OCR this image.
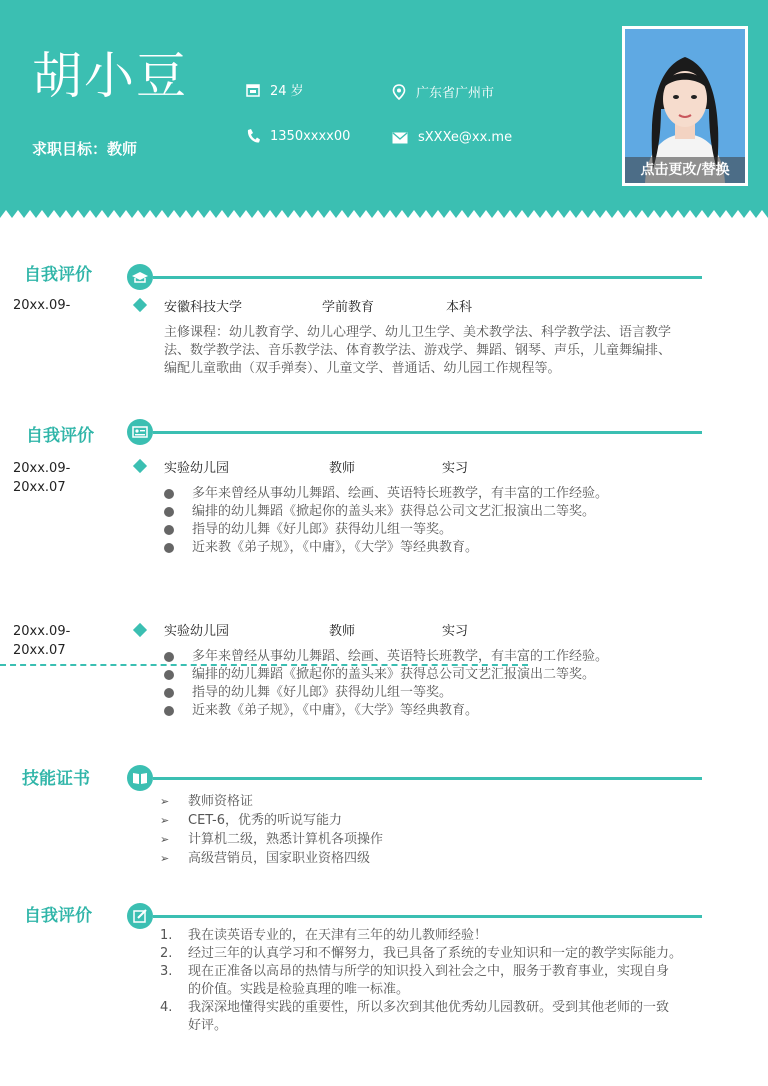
胡小豆
求职目标：教师
24 岁	广东省广州市
1350xxxx00	sXXXe@xx.me
点击更改/替换
自我评价
20xx.09-	安徽科技大学	学前教育	本科
主修课程：幼儿教育学、幼儿心理学、幼儿卫生学、美术教学法、科学教学法、语言教学
法、数学教学法、音乐教学法、体育教学法、游戏学、舞蹈、钢琴、声乐，儿童舞编排、
编配儿童歌曲（双手弹奏）、儿童文学、普通话、幼儿园工作规程等。
自我评价
20xx.09-
20xx.07
实验幼儿园	教师	实习
多年来曾经从事幼儿舞蹈、绘画、英语特长班教学，有丰富的工作经验。
编排的幼儿舞蹈《掀起你的盖头来》获得总公司文艺汇报演出二等奖。
指导的幼儿舞《好儿郎》获得幼儿组一等奖。
近来教《弟子规》，《中庸》，《大学》等经典教育。
20xx.09-
20xx.07
实验幼儿园	教师	实习
多年来曾经从事幼儿舞蹈、绘画、英语特长班教学，有丰富的工作经验。
编排的幼儿舞蹈《掀起你的盖头来》获得总公司文艺汇报演出二等奖。
指导的幼儿舞《好儿郎》获得幼儿组一等奖。
近来教《弟子规》，《中庸》，《大学》等经典教育。
技能证书
➢ 教师资格证
➢ CET-6，优秀的听说写能力
➢ 计算机二级，熟悉计算机各项操作
➢ 高级营销员，国家职业资格四级
自我评价
1. 我在读英语专业的，在天津有三年的幼儿教师经验！
2. 经过三年的认真学习和不懈努力，我已具备了系统的专业知识和一定的教学实际能力。
3. 现在正准备以高昂的热情与所学的知识投入到社会之中，服务于教育事业，实现自身
的价值。实践是检验真理的唯一标准。
4. 我深深地懂得实践的重要性，所以多次到其他优秀幼儿园教研。受到其他老师的一致
好评。
